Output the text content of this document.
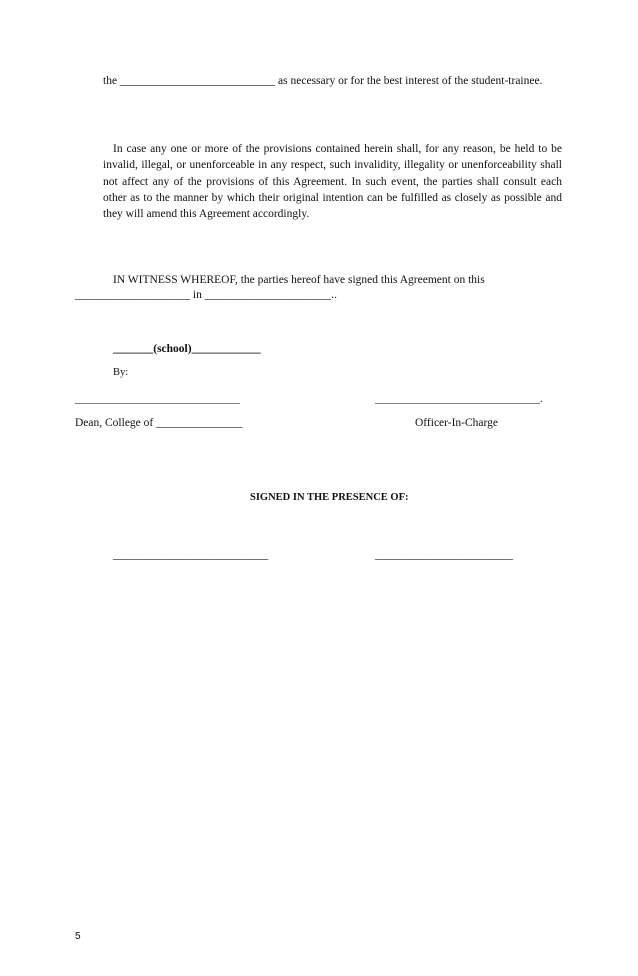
the ___________________________ as necessary or for the best interest of the student-trainee.

In case any one or more of the provisions contained herein shall, for any reason, be held to be invalid, illegal, or unenforceable in any respect, such invalidity, illegality or unenforceability shall not affect any of the provisions of this Agreement. In such event, the parties shall consult each other as to the manner by which their original intention can be fulfilled as closely as possible and they will amend this Agreement accordingly.

IN WITNESS WHEREOF, the parties hereof have signed this Agreement on this

____________________ in ______________________..
_______(school)____________
By:
_________________________________	_________________________________.
Dean, College of _______________	Officer-In-Charge
SIGNED IN THE PRESENCE OF:
___________________________	________________________
5
